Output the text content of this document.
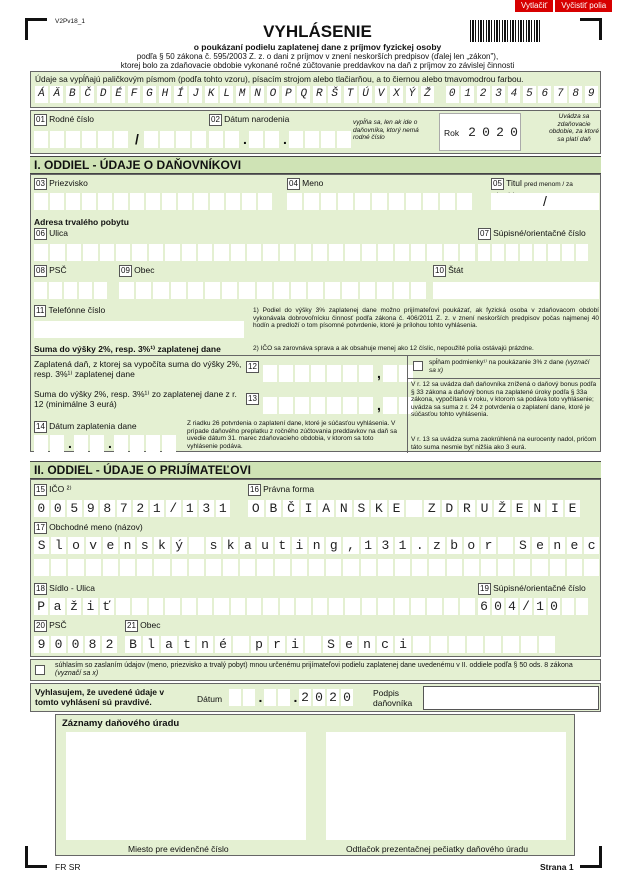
Vytlačiť	Vyčistiť polia
V2Pv18_1
VYHLÁSENIE
o poukázaní podielu zaplatenej dane z príjmov fyzickej osoby
podľa § 50 zákona č. 595/2003 Z. z. o dani z príjmov v znení neskorších predpisov (ďalej len „zákon"),
ktorej bolo za zdaňovacie obdobie vykonané ročné zúčtovanie preddavkov na daň z príjmov zo závislej činnosti
Údaje sa vypĺňajú paličkovým písmom (podľa tohto vzoru), písacím strojom alebo tlačiarňou, a to čiernou alebo tmavomodrou farbou.
Á Ä B Č D É F G H Í J K L M N O P Q R Š T Ú V X Ý Ž 0 1 2 3 4 5 6 7 8 9
01 Rodné číslo
/
02 Dátum narodenia
.	.
vypĺňa sa, len ak ide o daňovníka, ktorý nemá rodné číslo	Rok 2 0 2 0
Uvádza sa zdaňovacie obdobie, za ktoré sa platí daň
I. ODDIEL - ÚDAJE O DAŇOVNÍKOVI
03 Priezvisko	04 Meno	05 Titul pred menom / za
/
Adresa trvalého pobytu
06 Ulica	07 Súpisné/orientačné číslo
08 PSČ	09 Obec	10 Štát
11 Telefónne číslo	1) Podiel do výšky 3% zaplatenej dane možno prijímateľovi poukázať, ak fyzická osoba v zdaňovacom období vykonávala dobrovoľnícku činnosť podľa zákona č. 406/2011 Z. z. v znení neskorších predpisov počas najmenej 40 hodín a predloží o tom písomné potvrdenie, ktoré je prílohou tohto vyhlásenia.
2) IČO sa zarovnáva sprava a ak obsahuje menej ako 12 číslic, nepoužité polia ostávajú prázdne.
Suma do výšky 2%, resp. 3%¹⁾ zaplatenej dane
Zaplatená daň, z ktorej sa vypočíta suma do výšky 2%, resp. 3%¹⁾ zaplatenej dane
12	,
Suma do výšky 2%, resp. 3%¹⁾ zo zaplatenej dane z r. 12 (minimálne 3 eurá)
13	,
spĺňam podmienky¹⁾ na poukázanie 3% z dane (vyznačí sa x)
V r. 12 sa uvádza daň daňovníka znížená o daňový bonus podľa § 33 zákona a daňový bonus na zaplatené úroky podľa § 33a zákona, vypočítaná v roku, v ktorom sa podáva toto vyhlásenie; uvádza sa suma z r. 24 z potvrdenia o zaplatení dane, ktoré je súčasťou tohto vyhlásenia.
V r. 13 sa uvádza suma zaokrúhlená na eurocenty nadol, pričom táto suma nesmie byť nižšia ako 3 eurá.
14 Dátum zaplatenia dane
.	.
Z riadku 26 potvrdenia o zaplatení dane, ktoré je súčasťou vyhlásenia. V prípade daňového preplatku z ročného zúčtovania preddavkov na daň sa uvedie dátum 31. marec zdaňovacieho obdobia, v ktorom sa toto vyhlásenie podáva.
II. ODDIEL - ÚDAJE O PRIJÍMATEĽOVI
15 IČO ²⁾
0 0 5 9 8 7 2 1 / 1 3 1
16 Právna forma
O B Č I A N S K E Z D R U Ž E N I E
17 Obchodné meno (názov)
S l o v e n s k ý s k a u t i n g , 1 3 1 . z b o r S e n e c
18 Sídlo - Ulica
P a ž i ť
19 Súpisné/orientačné číslo
6 0 4 / 1 0
20 PSČ
9 0 0 8 2
21 Obec
B l a t n é	p r i	S e n c i
súhlasím so zaslaním údajov (meno, priezvisko a trvalý pobyt) mnou určenému prijímateľovi podielu zaplatenej dane uvedenému v II. oddiele podľa § 50 ods. 8 zákona (vyznačí sa x)
Vyhlasujem, že uvedené údaje v tomto vyhlásení sú pravdivé.	Dátum	. . 2 0 2 0	Podpis daňovníka
Záznamy daňového úradu
Miesto pre evidenčné číslo	Odtlačok prezentačnej pečiatky daňového úradu
FR SR	Strana 1
